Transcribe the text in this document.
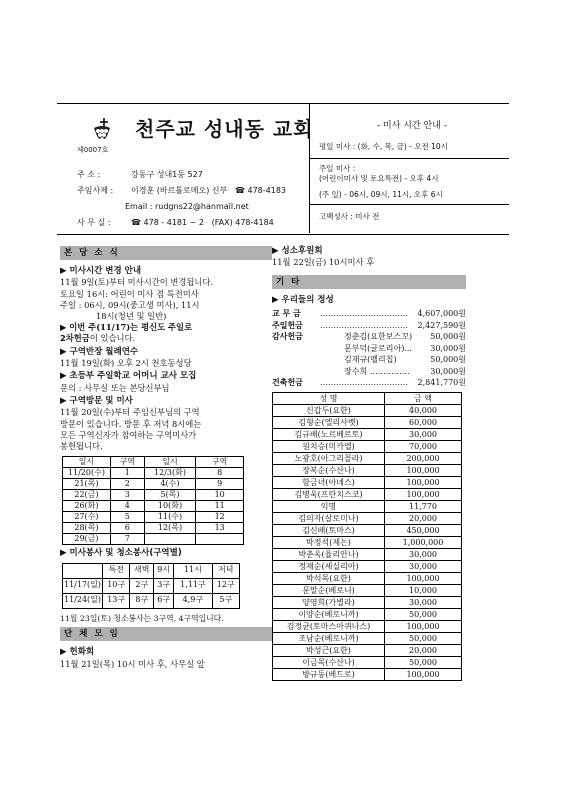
제0007호
천주교 성내동 교회
주 소 :	강동구 성내1동 527
주임사제 : 이경훈 (바르톨로메오) 신부 ☎ 478-4183
Email : rudgns22@hanmail.net
사 무 실 :	☎ 478 - 4181 ~ 2 (FAX) 478-4184
- 미사 시간 안내 -
평일 미사 : (화, 수, 목, 금) - 오전 10시
주일 미사 :
(어린이미사 및 토요특전) - 오후 4시
(주 일) - 06시, 09시, 11시, 오후 6시
고백성사 : 미사 전
본 당 소 식
▶ 미사시간 변경 안내
11월 9일(토)부터 미사시간이 변경됩니다.
토요일 16시: 어린이 미사 겸 특전미사
주일 : 06시, 09시(중고생 미사), 11시
18시(청년 및 일반)
▶ 이번 주(11/17)는 평신도 주일로
2차헌금이 있습니다.
▶ 구역반장 월례연수
11월 19일(화) 오후 2시 천호동성당
▶ 초등부 주일학교 어머니 교사 모집
문의 : 사무실 또는 본당신부님
▶ 구역방문 및 미사
11월 20일(수)부터 주임신부님의 구역
방문이 있습니다. 방문 후 저녁 8시에는
모든 구역신자가 참여하는 구역미사가
봉헌됩니다.
일시	구역	일시	구역
11/20(수)	1	12/3(화)	8
21(목)	2	4(수)	9
22(금)	3	5(목)	10
26(화)	4	10(화)	11
27(수)	5	11(수)	12
28(목)	6	12(목)	13
29(금)	7		
▶ 미사봉사 및 청소봉사(구역별)
	특전	새벽	9시	11시	저녁
11/17(일)	10구	2구	3구	1,11구	12구
11/24(일)	13구	8구	6구	4,9구	5구
11월 23일(토) 청소봉사는 3구역, 4구역입니다.
단 체 모 임
▶ 헌화회
11월 21일(목) 10시 미사 후, 사무실 앞
▶ 성소후원회
11월 22일(금) 10시미사 후
기 타
▶ 우리들의 정성
교 무 금 …………………………… 4,607,000원
주일헌금 …………………………… 2,427,590원
감사헌금	정춘김(요한보스꼬) 50,000원
문부덕(글로리아)... 30,000원
김재규(펠리칩)	50,000원
장수희 ……………	30,000원
건축헌금 …………………………… 2,841,770원
성 명	금 액
신갑두(요한)	40,000
김형순(엘리사벳)	60,000
김규배(노르베르토)	30,000
원치승(미카엘)	70,000
노광호(아그리꼴라)	200,000
장복순(수산나)	100,000
함금녀(아녜스)	100,000
김병욱(프란치스코)	100,000
익명	11,770
김의자(살로미나)	20,000
김신배(토마스)	450,000
박정석(제논)	1,000,000
박춘옥(율리안나)	30,000
정재순(세실리아)	30,000
박석목(요한)	100,000
문말순(베로니)	10,000
양영희(가별라)	30,000
이양순(베로니까)	50,000
김정균(토마스아퀴나스)	100,000
조남순(베로니까)	50,000
박성근(요한)	20,000
이금목(수산나)	50,000
방규동(베드로)	100,000
